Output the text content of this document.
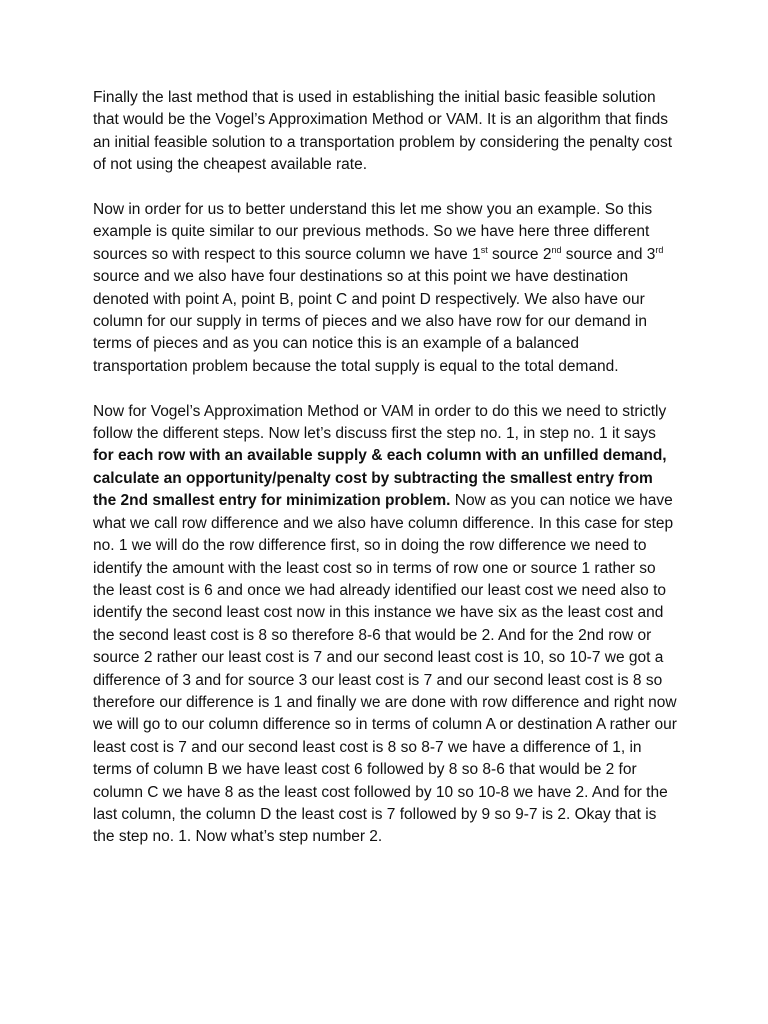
Finally the last method that is used in establishing the initial basic feasible solution that would be the Vogel’s Approximation Method or VAM. It is an algorithm that finds an initial feasible solution to a transportation problem by considering the penalty cost of not using the cheapest available rate.

Now in order for us to better understand this let me show you an example. So this example is quite similar to our previous methods. So we have here three different sources so with respect to this source column we have 1st source 2nd source and 3rd source and we also have four destinations so at this point we have destination denoted with point A, point B, point C and point D respectively. We also have our column for our supply in terms of pieces and we also have row for our demand in terms of pieces and as you can notice this is an example of a balanced transportation problem because the total supply is equal to the total demand.

Now for Vogel’s Approximation Method or VAM in order to do this we need to strictly follow the different steps. Now let’s discuss first the step no. 1, in step no. 1 it says for each row with an available supply & each column with an unfilled demand, calculate an opportunity/penalty cost by subtracting the smallest entry from the 2nd smallest entry for minimization problem. Now as you can notice we have what we call row difference and we also have column difference. In this case for step no. 1 we will do the row difference first, so in doing the row difference we need to identify the amount with the least cost so in terms of row one or source 1 rather so the least cost is 6 and once we had already identified our least cost we need also to identify the second least cost now in this instance we have six as the least cost and the second least cost is 8 so therefore 8-6 that would be 2. And for the 2nd row or source 2 rather our least cost is 7 and our second least cost is 10, so 10-7 we got a difference of 3 and for source 3 our least cost is 7 and our second least cost is 8 so therefore our difference is 1 and finally we are done with row difference and right now we will go to our column difference so in terms of column A or destination A rather our least cost is 7 and our second least cost is 8 so 8-7 we have a difference of 1, in terms of column B we have least cost 6 followed by 8 so 8-6 that would be 2 for column C we have 8 as the least cost followed by 10 so 10-8 we have 2. And for the last column, the column D the least cost is 7 followed by 9 so 9-7 is 2. Okay that is the step no. 1. Now what’s step number 2.
